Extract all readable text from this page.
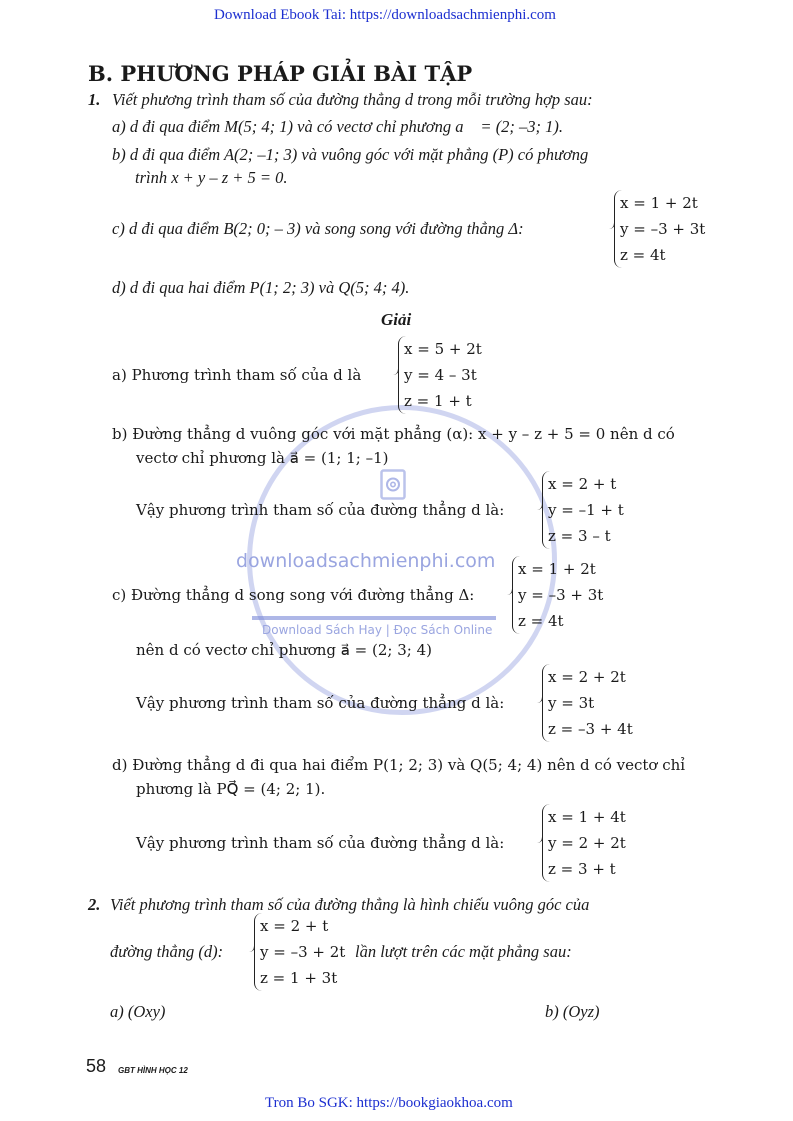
downloadsachmienphi.com
Download Sách Hay | Đọc Sách Online
Download Ebook Tai: https://downloadsachmienphi.com
B. PHƯƠNG PHÁP GIẢI BÀI TẬP
1. Viết phương trình tham số của đường thẳng d trong mỗi trường hợp sau:
a) d đi qua điểm M(5; 4; 1) và có vectơ chỉ phương a⃗ = (2; –3; 1).
b) d đi qua điểm A(2; –1; 3) và vuông góc với mặt phẳng (P) có phương
trình x + y – z + 5 = 0.
c) d đi qua điểm B(2; 0; – 3) và song song với đường thẳng Δ:
x = 1 + 2t
y = –3 + 3t
z = 4t
d) d đi qua hai điểm P(1; 2; 3) và Q(5; 4; 4).
Giải
a) Phương trình tham số của d là
x = 5 + 2t
y = 4 – 3t
z = 1 + t
b) Đường thẳng d vuông góc với mặt phẳng (α): x + y – z + 5 = 0 nên d có
vectơ chỉ phương là a⃗ = (1; 1; –1)
Vậy phương trình tham số của đường thẳng d là:
x = 2 + t
y = –1 + t
z = 3 – t
c) Đường thẳng d song song với đường thẳng Δ:
x = 1 + 2t
y = –3 + 3t
z = 4t
nên d có vectơ chỉ phương a⃗ = (2; 3; 4)
Vậy phương trình tham số của đường thẳng d là:
x = 2 + 2t
y = 3t
z = –3 + 4t
d) Đường thẳng d đi qua hai điểm P(1; 2; 3) và Q(5; 4; 4) nên d có vectơ chỉ
phương là PQ⃗ = (4; 2; 1).
Vậy phương trình tham số của đường thẳng d là:
x = 1 + 4t
y = 2 + 2t
z = 3 + t
2. Viết phương trình tham số của đường thẳng là hình chiếu vuông góc của
đường thẳng (d):
x = 2 + t
y = –3 + 2t
z = 1 + 3t
lần lượt trên các mặt phẳng sau:
a) (Oxy)	b) (Oyz)
58 GBT HÌNH HỌC 12
Tron Bo SGK: https://bookgiaokhoa.com
